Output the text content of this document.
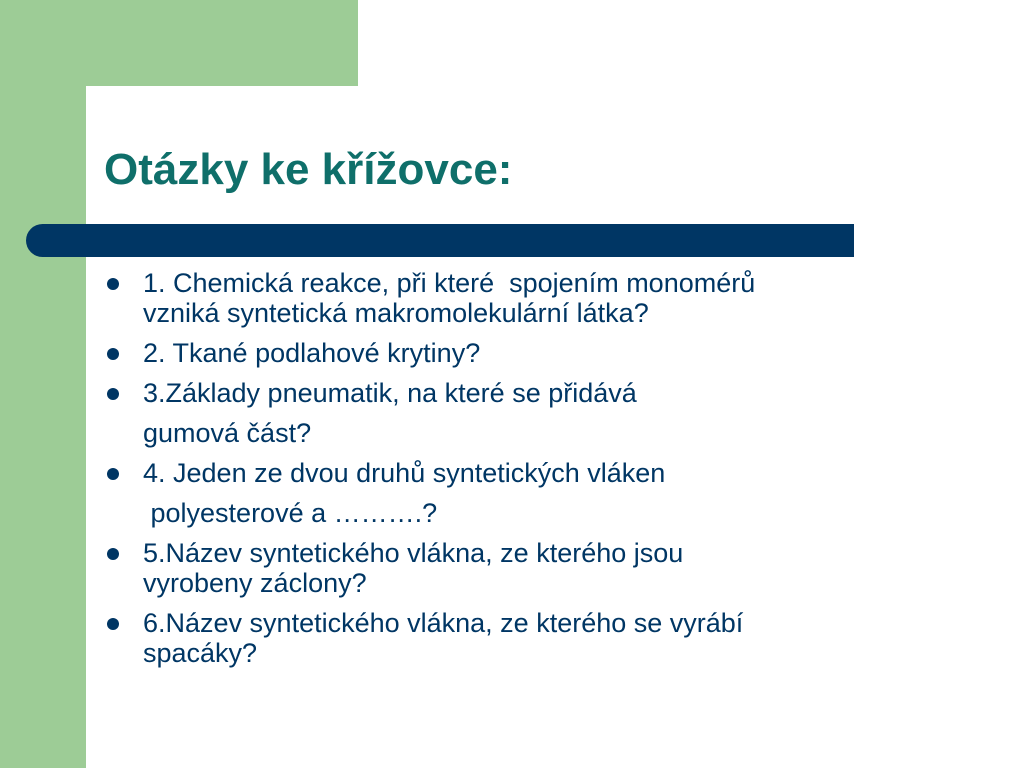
Otázky ke křížovce:
1. Chemická reakce, při které  spojením monomérů
vzniká syntetická makromolekulární látka?
2. Tkané podlahové krytiny?
3.Základy pneumatik, na které se přidává
gumová část?
4. Jeden ze dvou druhů syntetických vláken
polyesterové a ……….?
5.Název syntetického vlákna, ze kterého jsou
vyrobeny záclony?
6.Název syntetického vlákna, ze kterého se vyrábí
spacáky?
